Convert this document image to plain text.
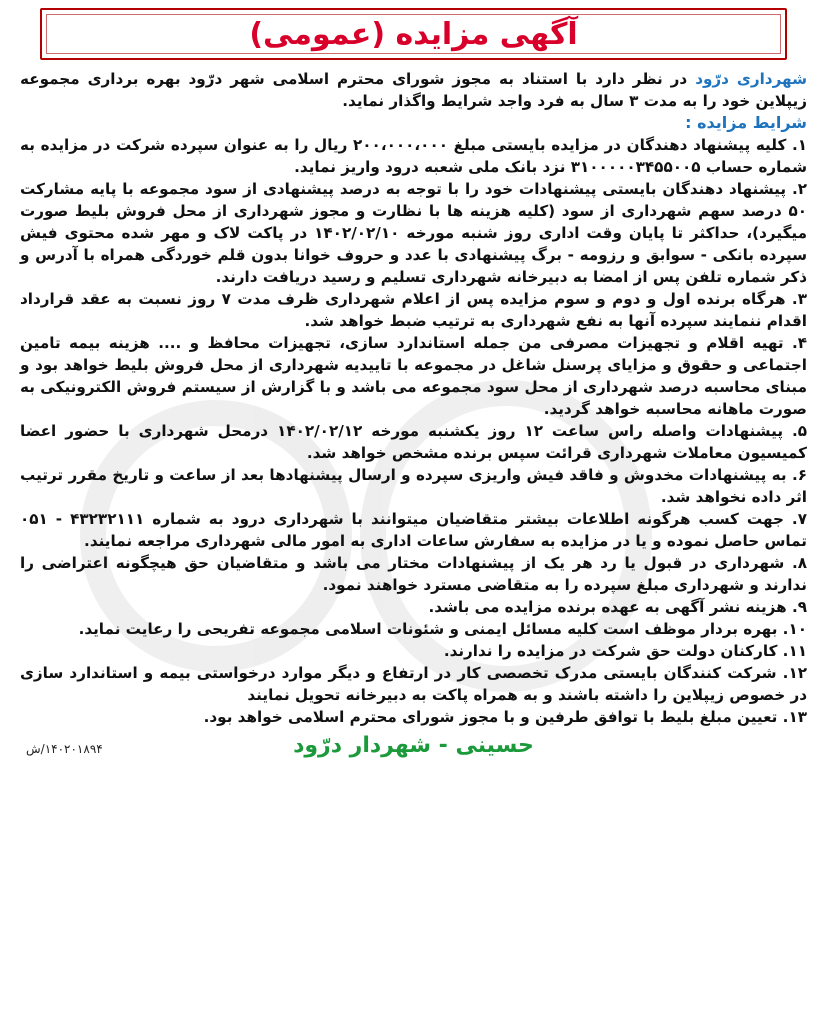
آگهی مزایده (عمومی)

شهرداری درّود در نظر دارد با استناد به مجوز شورای محترم اسلامی شهر درّود بهره برداری مجموعه زیپلاین خود را به مدت ۳ سال به فرد واجد شرایط واگذار نماید.

شرایط مزایده :

۱. کلیه پیشنهاد دهندگان در مزایده بایستی مبلغ ۲۰۰،۰۰۰،۰۰۰ ریال را به عنوان سپرده شرکت در مزایده به شماره حساب ۳۱۰۰۰۰۰۳۴۵۵۰۰۵ نزد بانک ملی شعبه درود واریز نماید.

۲. پیشنهاد دهندگان بایستی پیشنهادات خود را با توجه به درصد پیشنهادی از سود مجموعه با پایه مشارکت ۵۰ درصد سهم شهرداری از سود (کلیه هزینه ها با نظارت و مجوز شهرداری از محل فروش بلیط صورت میگیرد)، حداکثر تا پایان وقت اداری روز شنبه مورخه ۱۴۰۲/۰۲/۱۰ در پاکت لاک و مهر شده محتوی فیش سپرده بانکی - سوابق و رزومه - برگ پیشنهادی با عدد و حروف خوانا بدون قلم خوردگی همراه با آدرس و ذکر شماره تلفن پس از امضا به دبیرخانه شهرداری تسلیم و رسید دریافت دارند.

۳. هرگاه برنده اول و دوم و سوم مزایده پس از اعلام شهرداری ظرف مدت ۷ روز نسبت به عقد قرارداد اقدام ننمایند سپرده آنها به نفع شهرداری به ترتیب ضبط خواهد شد.

۴. تهیه اقلام و تجهیزات مصرفی من جمله استاندارد سازی، تجهیزات محافظ و .... هزینه بیمه تامین اجتماعی و حقوق و مزایای پرسنل شاغل در مجموعه با تاییدیه شهرداری از محل فروش بلیط خواهد بود و مبنای محاسبه درصد شهرداری از محل سود مجموعه می باشد و با گزارش از سیستم فروش الکترونیکی به صورت ماهانه محاسبه خواهد گردید.

۵. پیشنهادات واصله راس ساعت ۱۲ روز یکشنبه مورخه ۱۴۰۲/۰۲/۱۲ درمحل شهرداری با حضور اعضا کمیسیون معاملات شهرداری قرائت سپس برنده مشخص خواهد شد.

۶. به پیشنهادات مخدوش و فاقد فیش واریزی سپرده و ارسال پیشنهادها بعد از ساعت و تاریخ مقرر ترتیب اثر داده نخواهد شد.

۷. جهت کسب هرگونه اطلاعات بیشتر متقاضیان میتوانند با شهرداری درود به شماره ۴۳۲۳۲۱۱۱ - ۰۵۱ تماس حاصل نموده و یا در مزایده به سفارش ساعات اداری به امور مالی شهرداری مراجعه نمایند.

۸. شهرداری در قبول یا رد هر یک از پیشنهادات مختار می باشد و متقاضیان حق هیچگونه اعتراضی را ندارند و شهرداری مبلغ سپرده را به متقاضی مسترد خواهند نمود.

۹. هزینه نشر آگهی به عهده برنده مزایده می باشد.

۱۰. بهره بردار موظف است کلیه مسائل ایمنی و شئونات اسلامی مجموعه تفریحی را رعایت نماید.

۱۱. کارکنان دولت حق شرکت در مزایده را ندارند.

۱۲. شرکت کنندگان بایستی مدرک تخصصی کار در ارتفاع و دیگر موارد درخواستی بیمه و استاندارد سازی در خصوص زیپلاین را داشته باشند و به همراه پاکت به دبیرخانه تحویل نمایند

۱۳. تعیین مبلغ بلیط با توافق طرفین و با مجوز شورای محترم اسلامی خواهد بود.

حسینی - شهردار درّود
۱۴۰۲۰۱۸۹۴/ش
